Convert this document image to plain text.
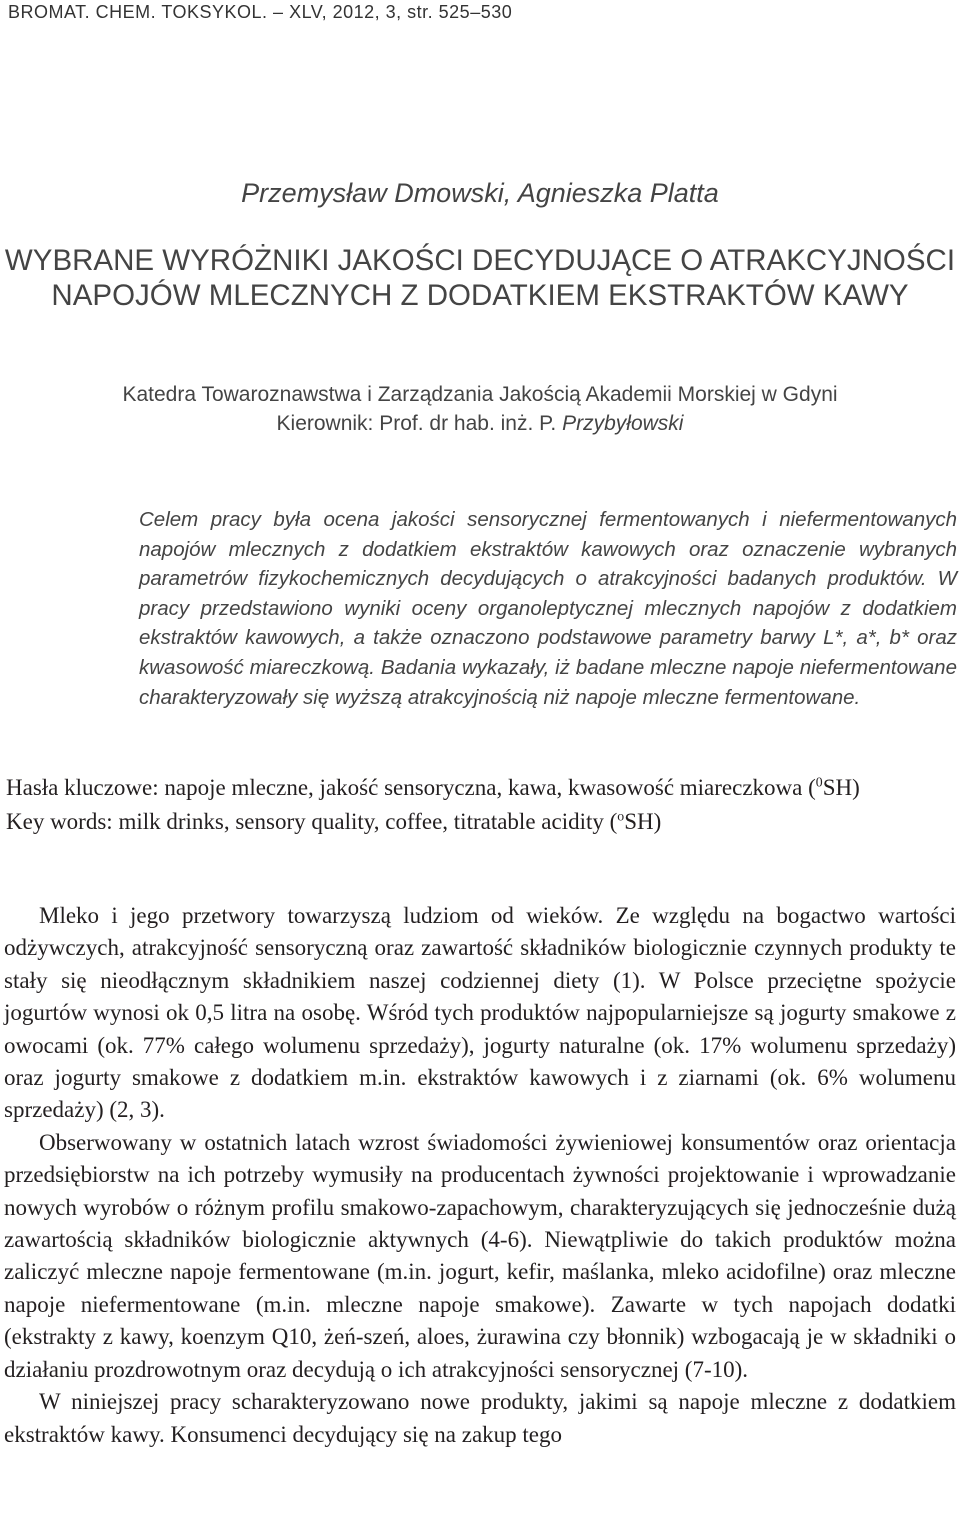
BROMAT. CHEM. TOKSYKOL. – XLV, 2012, 3, str. 525–530
Przemysław Dmowski, Agnieszka Platta
WYBRANE WYRÓŻNIKI JAKOŚCI DECYDUJĄCE O ATRAKCYJNOŚCI NAPOJÓW MLECZNYCH Z DODATKIEM EKSTRAKTÓW KAWY
Katedra Towaroznawstwa i Zarządzania Jakością Akademii Morskiej w Gdyni
Kierownik: Prof. dr hab. inż. P. Przybyłowski

Celem pracy była ocena jakości sensorycznej fermentowanych i niefermentowanych napojów mlecznych z dodatkiem ekstraktów kawowych oraz oznaczenie wybranych parametrów fizykochemicznych decydujących o atrakcyjności badanych produktów. W pracy przedstawiono wyniki oceny organoleptycznej mlecznych napojów z dodatkiem ekstraktów kawowych, a także oznaczono podstawowe parametry barwy L*, a*, b* oraz kwasowość miareczkową. Badania wykazały, iż badane mleczne napoje niefermentowane charakteryzowały się wyższą atrakcyjnością niż napoje mleczne fermentowane.

Hasła kluczowe: napoje mleczne, jakość sensoryczna, kawa, kwasowość miareczkowa ($^0$SH)

Key words: milk drinks, sensory quality, coffee, titratable acidity ($^o$SH)

Mleko i jego przetwory towarzyszą ludziom od wieków. Ze względu na bogactwo wartości odżywczych, atrakcyjność sensoryczną oraz zawartość składników biologicznie czynnych produkty te stały się nieodłącznym składnikiem naszej codziennej diety (1). W Polsce przeciętne spożycie jogurtów wynosi ok 0,5 litra na osobę. Wśród tych produktów najpopularniejsze są jogurty smakowe z owocami (ok. 77% całego wolumenu sprzedaży), jogurty naturalne (ok. 17% wolumenu sprzedaży) oraz jogurty smakowe z dodatkiem m.in. ekstraktów kawowych i z ziarnami (ok. 6% wolumenu sprzedaży) (2, 3).

Obserwowany w ostatnich latach wzrost świadomości żywieniowej konsumentów oraz orientacja przedsiębiorstw na ich potrzeby wymusiły na producentach żywności projektowanie i wprowadzanie nowych wyrobów o różnym profilu smakowo-zapachowym, charakteryzujących się jednocześnie dużą zawartością składników biologicznie aktywnych (4-6). Niewątpliwie do takich produktów można zaliczyć mleczne napoje fermentowane (m.in. jogurt, kefir, maślanka, mleko acidofilne) oraz mleczne napoje niefermentowane (m.in. mleczne napoje smakowe). Zawarte w tych napojach dodatki (ekstrakty z kawy, koenzym Q10, żeń-szeń, aloes, żurawina czy błonnik) wzbogacają je w składniki o działaniu prozdrowotnym oraz decydują o ich atrakcyjności sensorycznej (7-10).

W niniejszej pracy scharakteryzowano nowe produkty, jakimi są napoje mleczne z dodatkiem ekstraktów kawy. Konsumenci decydujący się na zakup tego
